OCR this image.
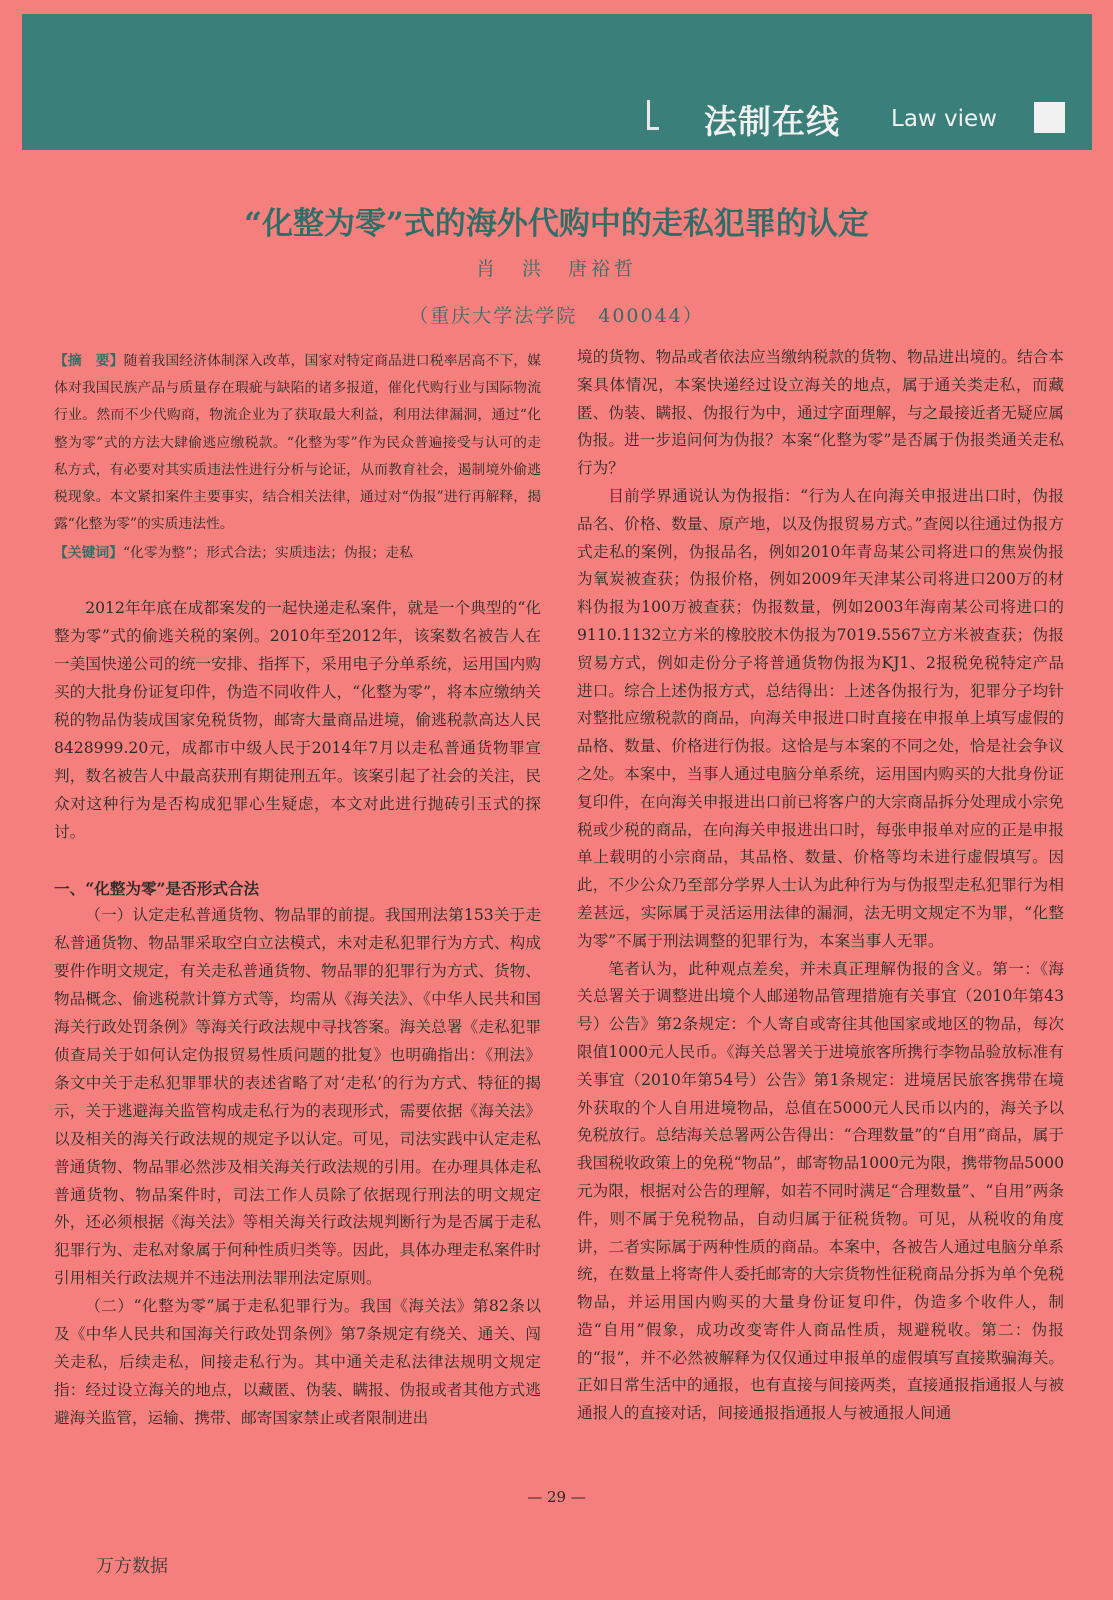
法制在线 Law view
“化整为零”式的海外代购中的走私犯罪的认定
肖　洪　唐裕哲
（重庆大学法学院　400044）

【摘　要】随着我国经济体制深入改革，国家对特定商品进口税率居高不下，媒体对我国民族产品与质量存在瑕疵与缺陷的诸多报道，催化代购行业与国际物流行业。然而不少代购商，物流企业为了获取最大利益，利用法律漏洞，通过“化整为零”式的方法大肆偷逃应缴税款。“化整为零”作为民众普遍接受与认可的走私方式，有必要对其实质违法性进行分析与论证，从而教育社会，遏制境外偷逃税现象。本文紧扣案件主要事实，结合相关法律，通过对“伪报”进行再解释，揭露“化整为零”的实质违法性。

【关键词】“化零为整”；形式合法；实质违法；伪报；走私

2012年年底在成都案发的一起快递走私案件，就是一个典型的“化整为零”式的偷逃关税的案例。2010年至2012年，该案数名被告人在一美国快递公司的统一安排、指挥下，采用电子分单系统，运用国内购买的大批身份证复印件，伪造不同收件人，“化整为零”，将本应缴纳关税的物品伪装成国家免税货物，邮寄大量商品进境，偷逃税款高达人民8428999.20元，成都市中级人民于2014年7月以走私普通货物罪宣判，数名被告人中最高获刑有期徒刑五年。该案引起了社会的关注，民众对这种行为是否构成犯罪心生疑虑，本文对此进行抛砖引玉式的探讨。

一、“化整为零”是否形式合法

（一）认定走私普通货物、物品罪的前提。我国刑法第153关于走私普通货物、物品罪采取空白立法模式，未对走私犯罪行为方式、构成要件作明文规定，有关走私普通货物、物品罪的犯罪行为方式、货物、物品概念、偷逃税款计算方式等，均需从《海关法》、《中华人民共和国海关行政处罚条例》等海关行政法规中寻找答案。海关总署《走私犯罪侦查局关于如何认定伪报贸易性质问题的批复》也明确指出：《刑法》条文中关于走私犯罪罪状的表述省略了对‘走私’的行为方式、特征的揭示，关于逃避海关监管构成走私行为的表现形式，需要依据《海关法》以及相关的海关行政法规的规定予以认定。可见，司法实践中认定走私普通货物、物品罪必然涉及相关海关行政法规的引用。在办理具体走私普通货物、物品案件时，司法工作人员除了依据现行刑法的明文规定外，还必须根据《海关法》等相关海关行政法规判断行为是否属于走私犯罪行为、走私对象属于何种性质归类等。因此，具体办理走私案件时引用相关行政法规并不违法刑法罪刑法定原则。

（二）“化整为零”属于走私犯罪行为。我国《海关法》第82条以及《中华人民共和国海关行政处罚条例》第7条规定有绕关、通关、闯关走私，后续走私，间接走私行为。其中通关走私法律法规明文规定指：经过设立海关的地点，以藏匿、伪装、瞒报、伪报或者其他方式逃避海关监管，运输、携带、邮寄国家禁止或者限制进出

境的货物、物品或者依法应当缴纳税款的货物、物品进出境的。结合本案具体情况，本案快递经过设立海关的地点，属于通关类走私，而藏匿、伪装、瞒报、伪报行为中，通过字面理解，与之最接近者无疑应属伪报。进一步追问何为伪报？本案“化整为零”是否属于伪报类通关走私行为？

目前学界通说认为伪报指：“行为人在向海关申报进出口时，伪报品名、价格、数量、原产地，以及伪报贸易方式。”查阅以往通过伪报方式走私的案例，伪报品名，例如2010年青岛某公司将进口的焦炭伪报为氧炭被查获；伪报价格，例如2009年天津某公司将进口200万的材料伪报为100万被查获；伪报数量，例如2003年海南某公司将进口的9110.1132立方米的橡胶胶木伪报为7019.5567立方米被查获；伪报贸易方式，例如走份分子将普通货物伪报为KJ1、2报税免税特定产品进口。综合上述伪报方式，总结得出：上述各伪报行为，犯罪分子均针对整批应缴税款的商品，向海关申报进口时直接在申报单上填写虚假的品格、数量、价格进行伪报。这恰是与本案的不同之处，恰是社会争议之处。本案中，当事人通过电脑分单系统，运用国内购买的大批身份证复印件，在向海关申报进出口前已将客户的大宗商品拆分处理成小宗免税或少税的商品，在向海关申报进出口时，每张申报单对应的正是申报单上载明的小宗商品，其品格、数量、价格等均未进行虚假填写。因此，不少公众乃至部分学界人士认为此种行为与伪报型走私犯罪行为相差甚远，实际属于灵活运用法律的漏洞，法无明文规定不为罪，“化整为零”不属于刑法调整的犯罪行为，本案当事人无罪。

笔者认为，此种观点差矣，并未真正理解伪报的含义。第一：《海关总署关于调整进出境个人邮递物品管理措施有关事宜（2010年第43号）公告》第2条规定：个人寄自或寄往其他国家或地区的物品，每次限值1000元人民币。《海关总署关于进境旅客所携行李物品验放标准有关事宜（2010年第54号）公告》第1条规定：进境居民旅客携带在境外获取的个人自用进境物品，总值在5000元人民币以内的，海关予以免税放行。总结海关总署两公告得出：“合理数量”的“自用”商品，属于我国税收政策上的免税“物品”，邮寄物品1000元为限，携带物品5000元为限，根据对公告的理解，如若不同时满足“合理数量”、“自用”两条件，则不属于免税物品，自动归属于征税货物。可见，从税收的角度讲，二者实际属于两种性质的商品。本案中，各被告人通过电脑分单系统，在数量上将寄件人委托邮寄的大宗货物性征税商品分拆为单个免税物品，并运用国内购买的大量身份证复印件，伪造多个收件人，制造“自用”假象，成功改变寄件人商品性质，规避税收。第二：伪报的“报”，并不必然被解释为仅仅通过申报单的虚假填写直接欺骗海关。正如日常生活中的通报，也有直接与间接两类，直接通报指通报人与被通报人的直接对话，间接通报指通报人与被通报人间通

— 29 —
万方数据
